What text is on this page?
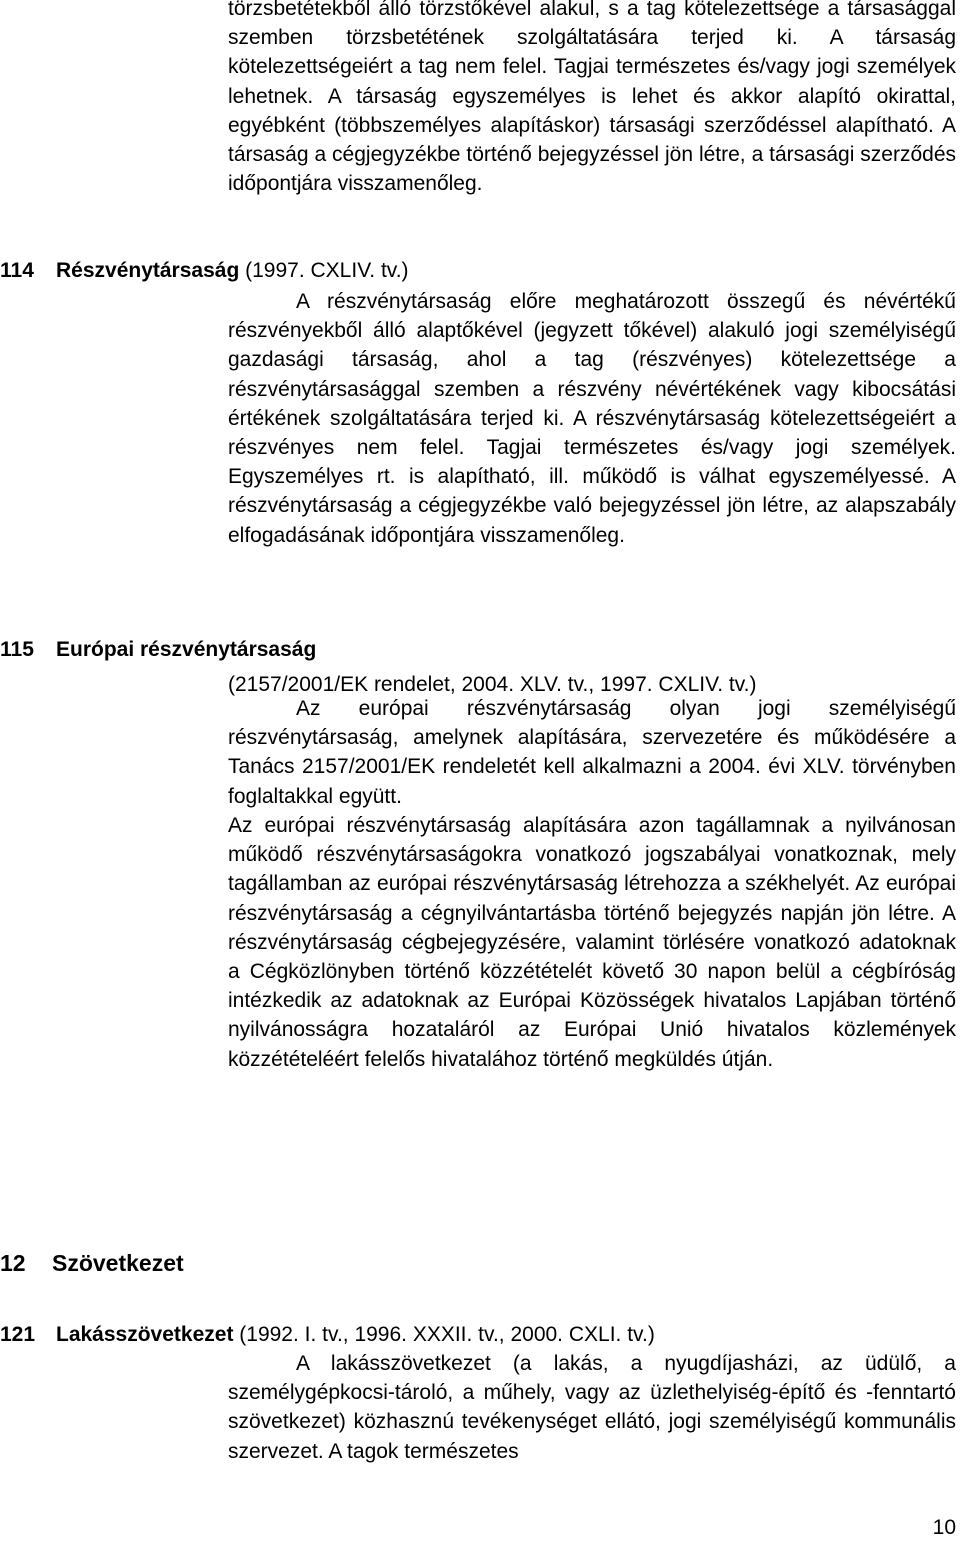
törzsbetétekből álló törzstőkével alakul, s a tag kötelezettsége a társasággal szemben törzsbetétének szolgáltatására terjed ki. A társaság kötelezettségeiért a tag nem felel. Tagjai természetes és/vagy jogi személyek lehetnek. A társaság egyszemélyes is lehet és akkor alapító okirattal, egyébként (többszemélyes alapításkor) társasági szerződéssel alapítható. A társaság a cégjegyzékbe történő bejegyzéssel jön létre, a társasági szerződés időpontjára visszamenőleg.

114 Részvénytársaság (1997. CXLIV. tv.)

A részvénytársaság előre meghatározott összegű és névértékű részvényekből álló alaptőkével (jegyzett tőkével) alakuló jogi személyiségű gazdasági társaság, ahol a tag (részvényes) kötelezettsége a részvénytársasággal szemben a részvény névértékének vagy kibocsátási értékének szolgáltatására terjed ki. A részvénytársaság kötelezettségeiért a részvényes nem felel. Tagjai természetes és/vagy jogi személyek. Egyszemélyes rt. is alapítható, ill. működő is válhat egyszemélyessé. A részvénytársaság a cégjegyzékbe való bejegyzéssel jön létre, az alapszabály elfogadásának időpontjára visszamenőleg.

115 Európai részvénytársaság

(2157/2001/EK rendelet, 2004. XLV. tv., 1997. CXLIV. tv.)

Az európai részvénytársaság olyan jogi személyiségű részvénytársaság, amelynek alapítására, szervezetére és működésére a Tanács 2157/2001/EK rendeletét kell alkalmazni a 2004. évi XLV. törvényben foglaltakkal együtt.

Az európai részvénytársaság alapítására azon tagállamnak a nyilvánosan működő részvénytársaságokra vonatkozó jogszabályai vonatkoznak, mely tagállamban az európai részvénytársaság létrehozza a székhelyét. Az európai részvénytársaság a cégnyilvántartásba történő bejegyzés napján jön létre. A részvénytársaság cégbejegyzésére, valamint törlésére vonatkozó adatoknak a Cégközlönyben történő közzétételét követő 30 napon belül a cégbíróság intézkedik az adatoknak az Európai Közösségek hivatalos Lapjában történő nyilvánosságra hozataláról az Európai Unió hivatalos közlemények közzétételéért felelős hivatalához történő megküldés útján.

12 Szövetkezet

121 Lakásszövetkezet (1992. I. tv., 1996. XXXII. tv., 2000. CXLI. tv.)

A lakásszövetkezet (a lakás, a nyugdíjasházi, az üdülő, a személygépkocsi-tároló, a műhely, vagy az üzlethelyiség-építő és -fenntartó szövetkezet) közhasznú tevékenységet ellátó, jogi személyiségű kommunális szervezet. A tagok természetes

10
